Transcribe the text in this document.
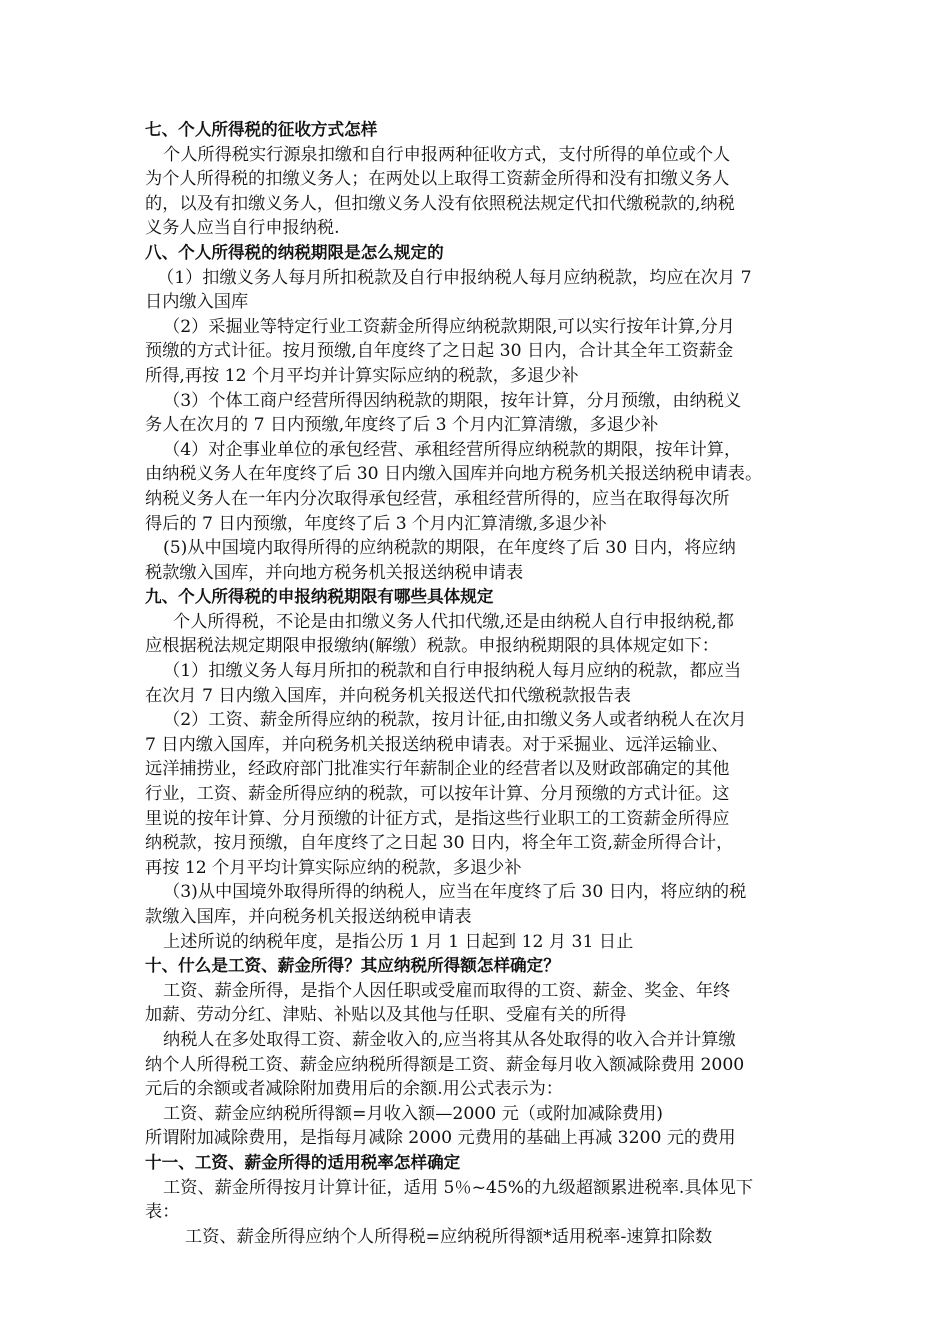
七、个人所得税的征收方式怎样
个人所得税实行源泉扣缴和自行申报两种征收方式，支付所得的单位或个人
为个人所得税的扣缴义务人；在两处以上取得工资薪金所得和没有扣缴义务人
的，以及有扣缴义务人，但扣缴义务人没有依照税法规定代扣代缴税款的,纳税
义务人应当自行申报纳税.
八、个人所得税的纳税期限是怎么规定的
（1）扣缴义务人每月所扣税款及自行申报纳税人每月应纳税款，均应在次月 7
日内缴入国库
（2）采掘业等特定行业工资薪金所得应纳税款期限,可以实行按年计算,分月
预缴的方式计征。按月预缴,自年度终了之日起 30 日内，合计其全年工资薪金
所得,再按 12 个月平均并计算实际应纳的税款，多退少补
（3）个体工商户经营所得因纳税款的期限，按年计算，分月预缴，由纳税义
务人在次月的 7 日内预缴,年度终了后 3 个月内汇算清缴，多退少补
（4）对企事业单位的承包经营、承租经营所得应纳税款的期限，按年计算，
由纳税义务人在年度终了后 30 日内缴入国库并向地方税务机关报送纳税申请表。
纳税义务人在一年内分次取得承包经营，承租经营所得的，应当在取得每次所
得后的 7 日内预缴，年度终了后 3 个月内汇算清缴,多退少补
(5)从中国境内取得所得的应纳税款的期限，在年度终了后 30 日内，将应纳
税款缴入国库，并向地方税务机关报送纳税申请表
九、个人所得税的申报纳税期限有哪些具体规定
个人所得税，不论是由扣缴义务人代扣代缴,还是由纳税人自行申报纳税,都
应根据税法规定期限申报缴纳(解缴）税款。申报纳税期限的具体规定如下：
（1）扣缴义务人每月所扣的税款和自行申报纳税人每月应纳的税款，都应当
在次月 7 日内缴入国库，并向税务机关报送代扣代缴税款报告表
（2）工资、薪金所得应纳的税款，按月计征,由扣缴义务人或者纳税人在次月
7 日内缴入国库，并向税务机关报送纳税申请表。对于采掘业、远洋运输业、
远洋捕捞业，经政府部门批准实行年薪制企业的经营者以及财政部确定的其他
行业，工资、薪金所得应纳的税款，可以按年计算、分月预缴的方式计征。这
里说的按年计算、分月预缴的计征方式，是指这些行业职工的工资薪金所得应
纳税款，按月预缴，自年度终了之日起 30 日内，将全年工资,薪金所得合计，
再按 12 个月平均计算实际应纳的税款，多退少补
（3)从中国境外取得所得的纳税人，应当在年度终了后 30 日内，将应纳的税
款缴入国库，并向税务机关报送纳税申请表
上述所说的纳税年度，是指公历 1 月 1 日起到 12 月 31 日止
十、什么是工资、薪金所得？其应纳税所得额怎样确定？
工资、薪金所得，是指个人因任职或受雇而取得的工资、薪金、奖金、年终
加薪、劳动分红、津贴、补贴以及其他与任职、受雇有关的所得
纳税人在多处取得工资、薪金收入的,应当将其从各处取得的收入合并计算缴
纳个人所得税工资、薪金应纳税所得额是工资、薪金每月收入额减除费用 2000
元后的余额或者减除附加费用后的余额.用公式表示为：
工资、薪金应纳税所得额=月收入额—2000 元（或附加减除费用)
所谓附加减除费用，是指每月减除 2000 元费用的基础上再减 3200 元的费用
十一、工资、薪金所得的适用税率怎样确定
工资、薪金所得按月计算计征，适用 5％~45%的九级超额累进税率.具体见下
表：
工资、薪金所得应纳个人所得税=应纳税所得额*适用税率-速算扣除数
